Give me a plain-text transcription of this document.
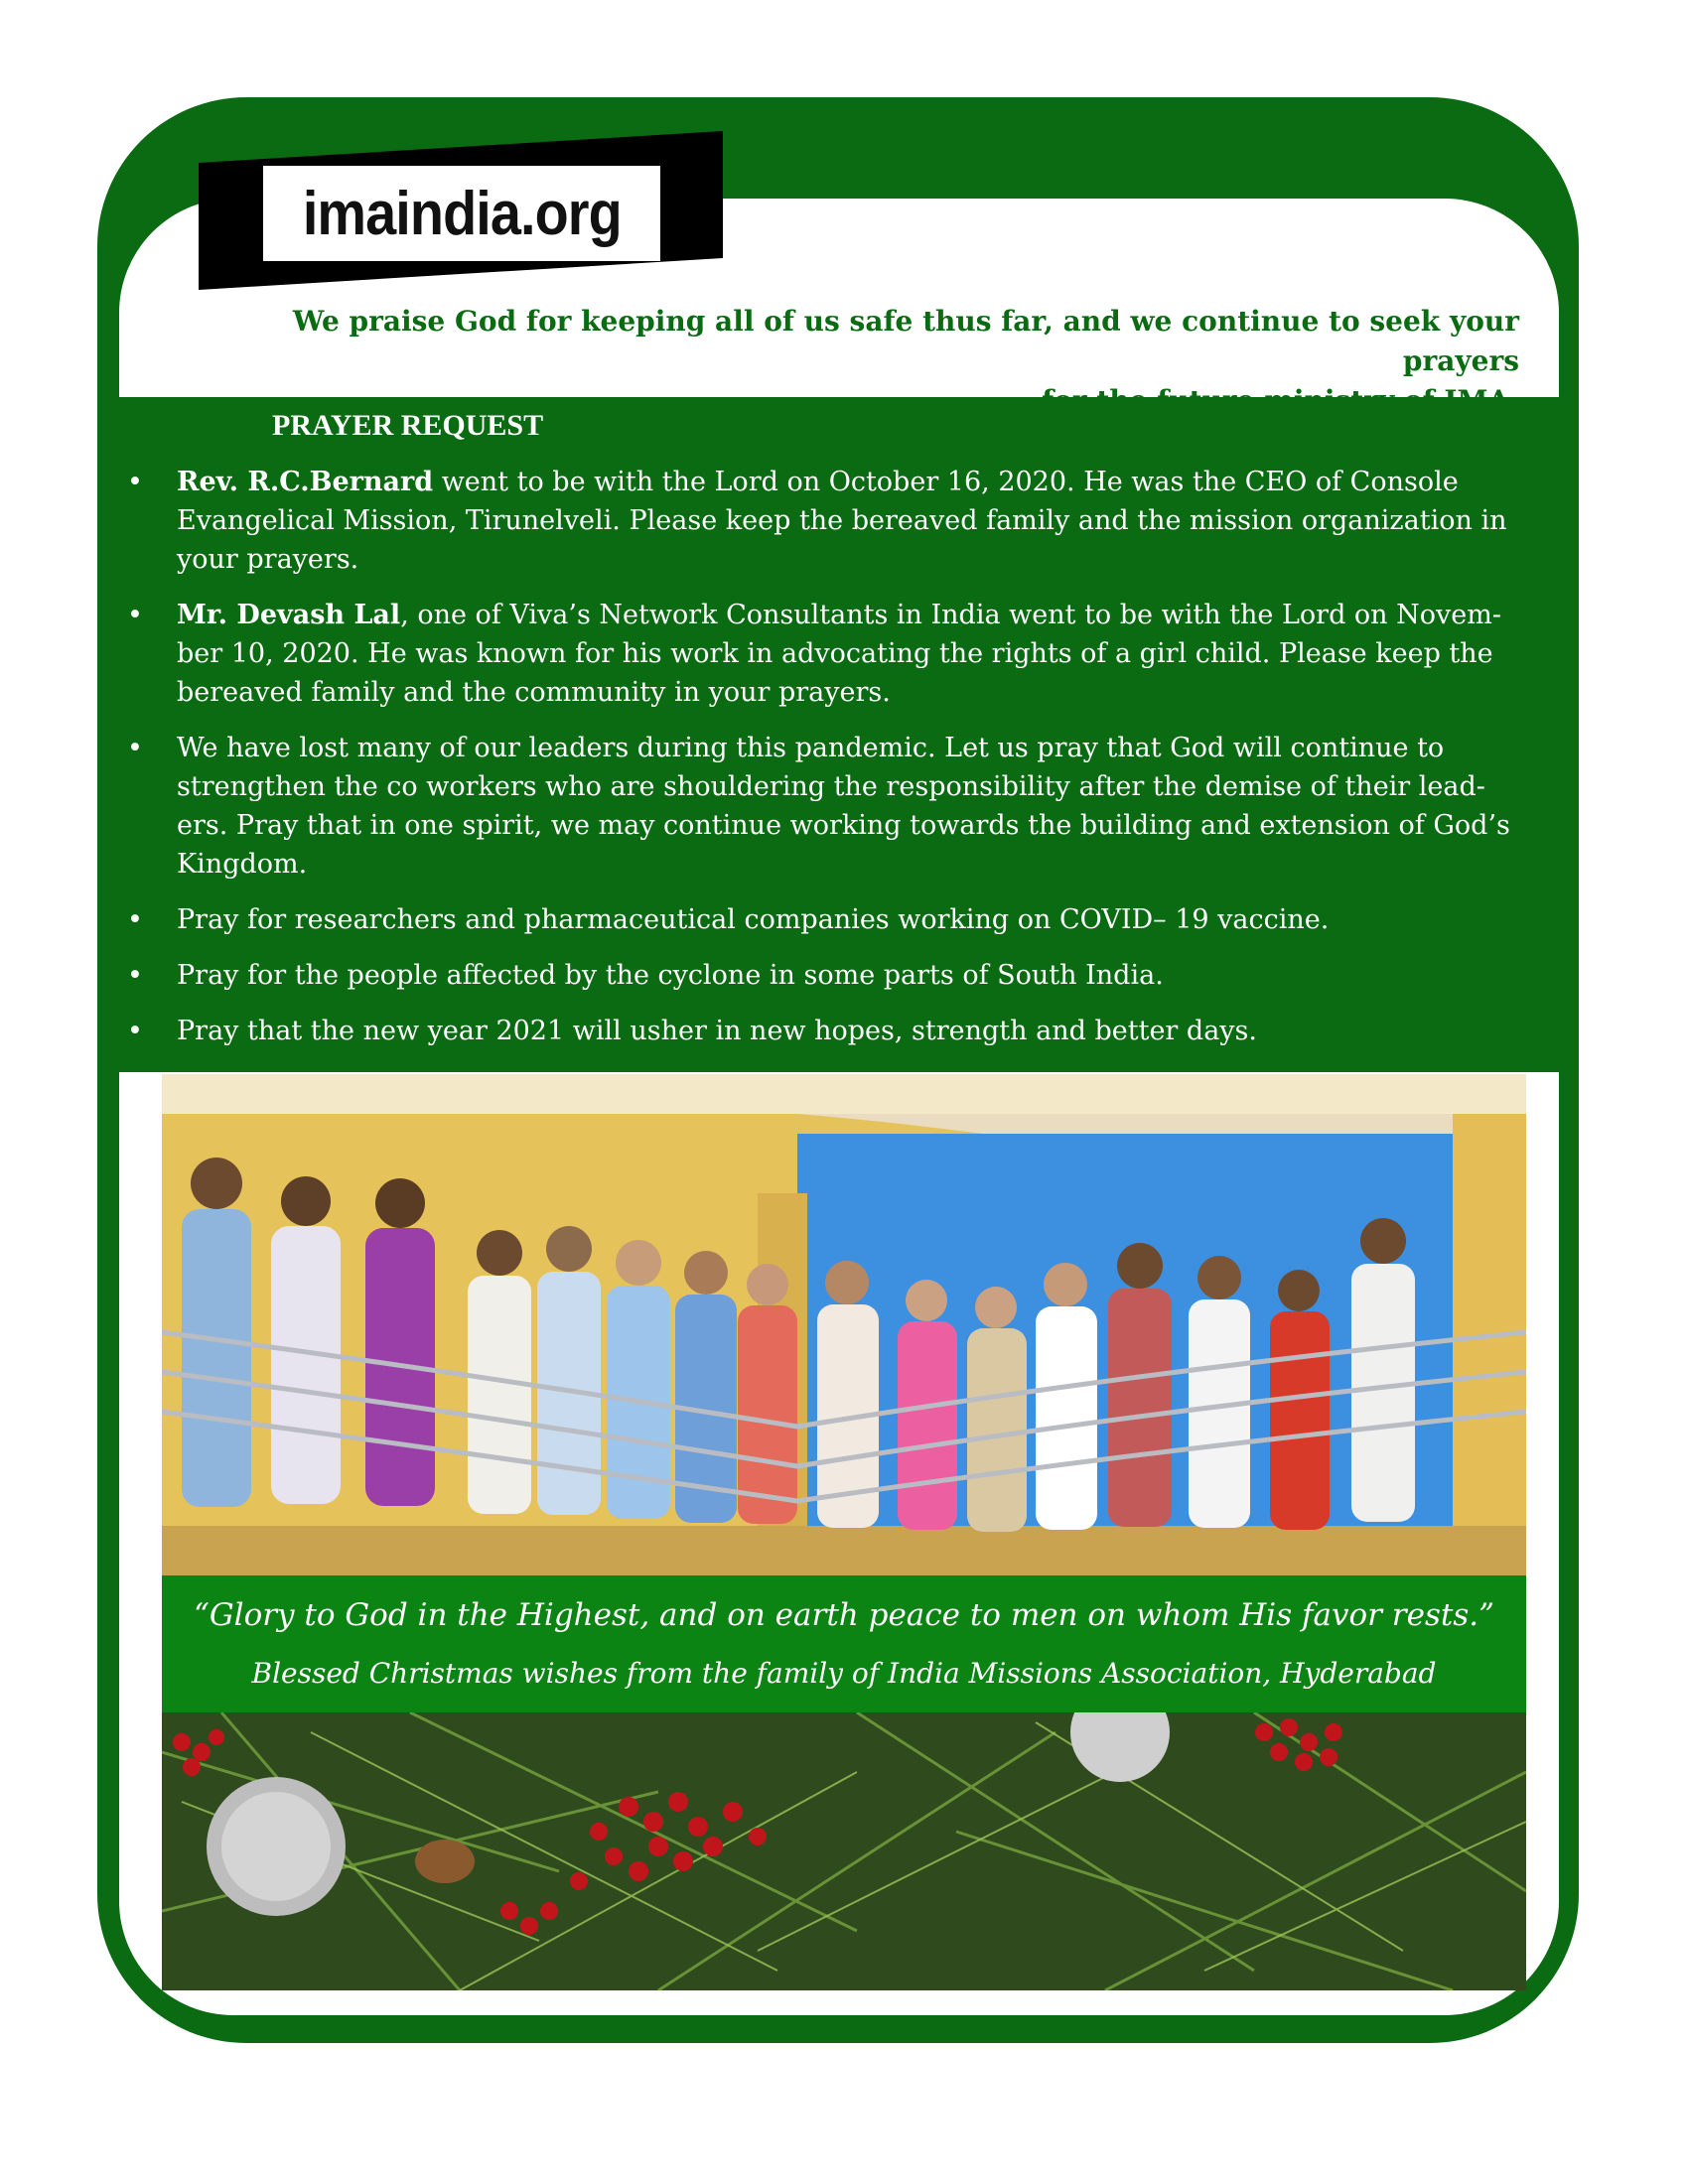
imaindia.org
We praise God for keeping all of us safe thus far, and we continue to seek your prayers
for the future ministry of IMA.
PRAYER REQUEST
• Rev. R.C.Bernard went to be with the Lord on October 16, 2020. He was the CEO of Console
Evangelical Mission, Tirunelveli. Please keep the bereaved family and the mission organization in
your prayers.
• Mr. Devash Lal, one of Viva’s Network Consultants in India went to be with the Lord on Novem-
ber 10, 2020. He was known for his work in advocating the rights of a girl child. Please keep the
bereaved family and the community in your prayers.
• We have lost many of our leaders during this pandemic. Let us pray that God will continue to
strengthen the co workers who are shouldering the responsibility after the demise of their lead-
ers. Pray that in one spirit, we may continue working towards the building and extension of God’s
Kingdom.
• Pray for researchers and pharmaceutical companies working on COVID– 19 vaccine.
• Pray for the people affected by the cyclone in some parts of South India.
• Pray that the new year 2021 will usher in new hopes, strength and better days.
“Glory to God in the Highest, and on earth peace to men on whom His favor rests.”
Blessed Christmas wishes from the family of India Missions Association, Hyderabad
